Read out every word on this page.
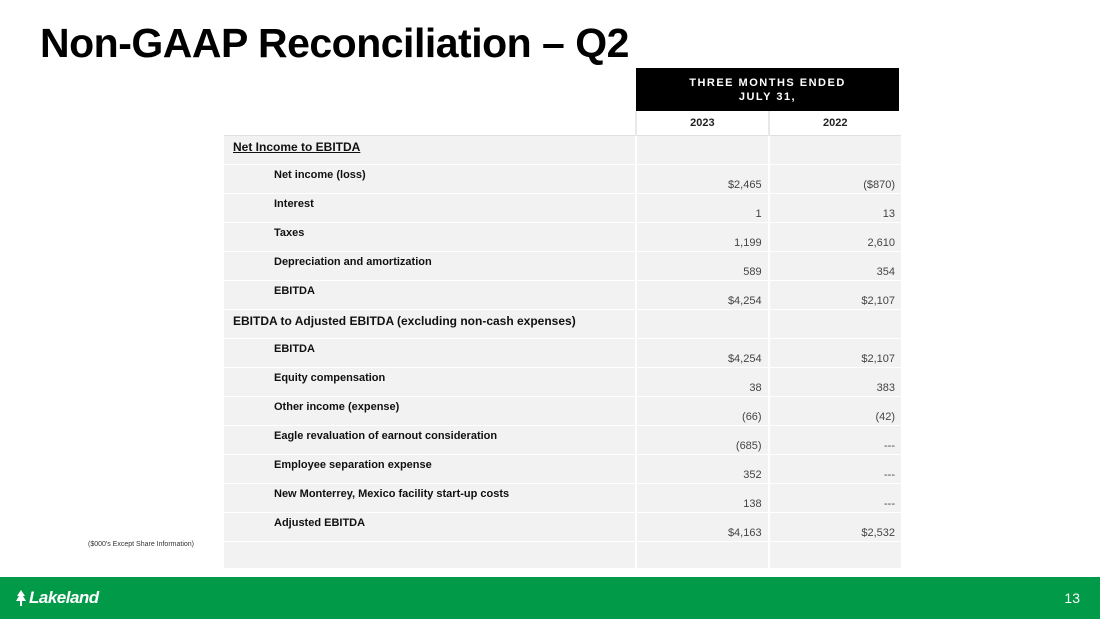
Non-GAAP Reconciliation – Q2
THREE MONTHS ENDED
JULY 31,
	2023	2022
Net Income to EBITDA		
Net income (loss)	$2,465	($870)
Interest	1	13
Taxes	1,199	2,610
Depreciation and amortization	589	354
EBITDA	$4,254	$2,107
EBITDA to Adjusted EBITDA (excluding non-cash expenses)		
EBITDA	$4,254	$2,107
Equity compensation	38	383
Other income (expense)	(66)	(42)
Eagle revaluation of earnout consideration	(685)	---
Employee separation expense	352	---
New Monterrey, Mexico facility start-up costs	138	---
Adjusted EBITDA	$4,163	$2,532

($000's Except Share Information)
Lakeland	13
